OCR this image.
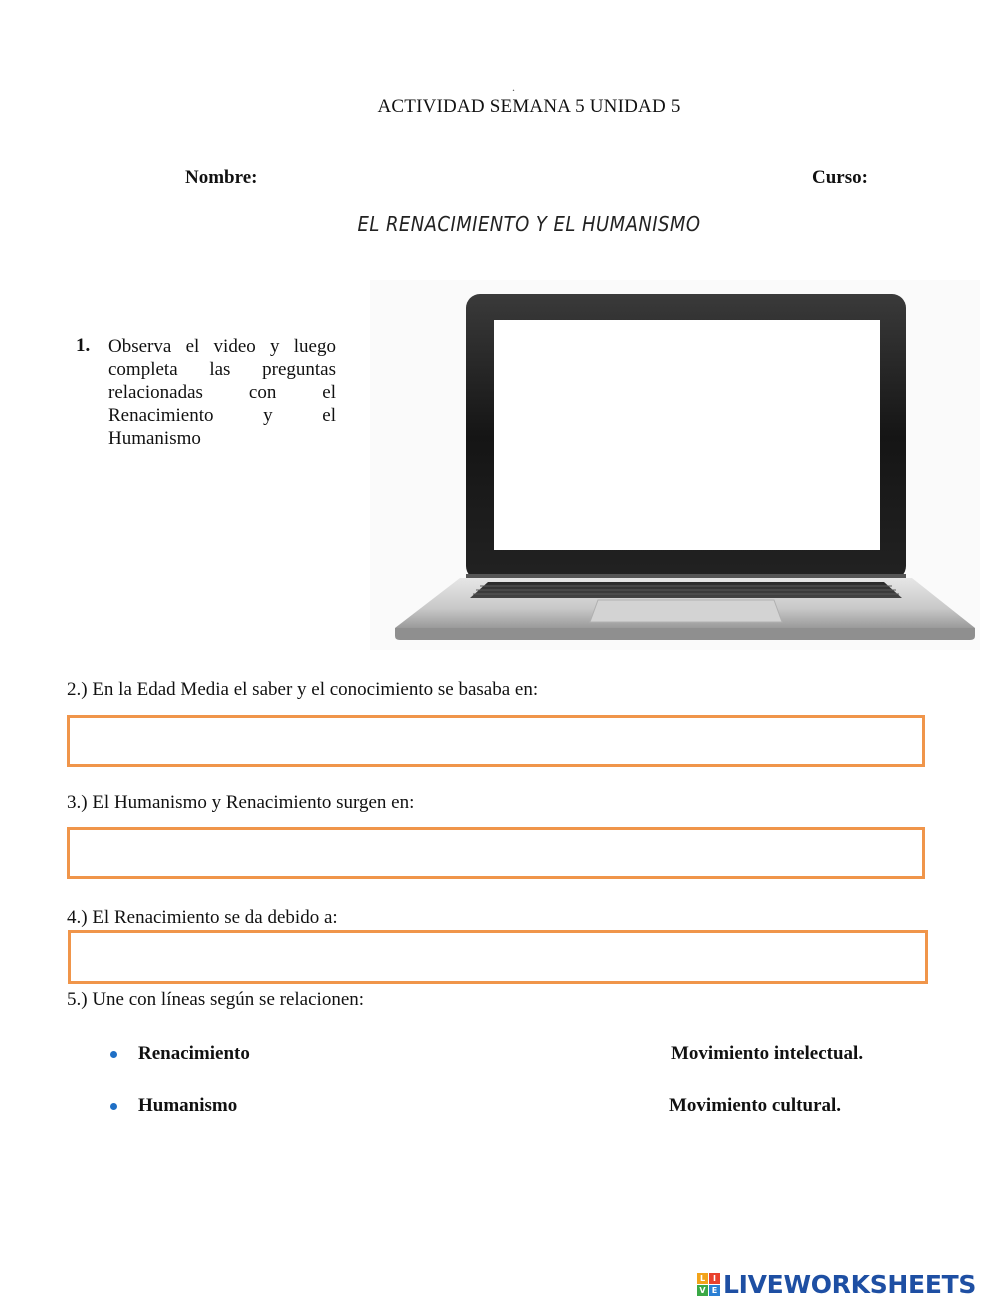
.
ACTIVIDAD SEMANA 5 UNIDAD 5
Nombre:	Curso:
EL RENACIMIENTO Y EL HUMANISMO
1. Observa el video y luego completa las preguntas relacionadas con el Renacimiento y el Humanismo
2.) En la Edad Media el saber y el conocimiento se basaba en:
3.) El Humanismo y Renacimiento surgen en:
4.) El Renacimiento se da debido a:
5.) Une con líneas según se relacionen:
Renacimiento	Movimiento intelectual.
Humanismo	Movimiento cultural.
L I
V E LIVEWORKSHEETS
